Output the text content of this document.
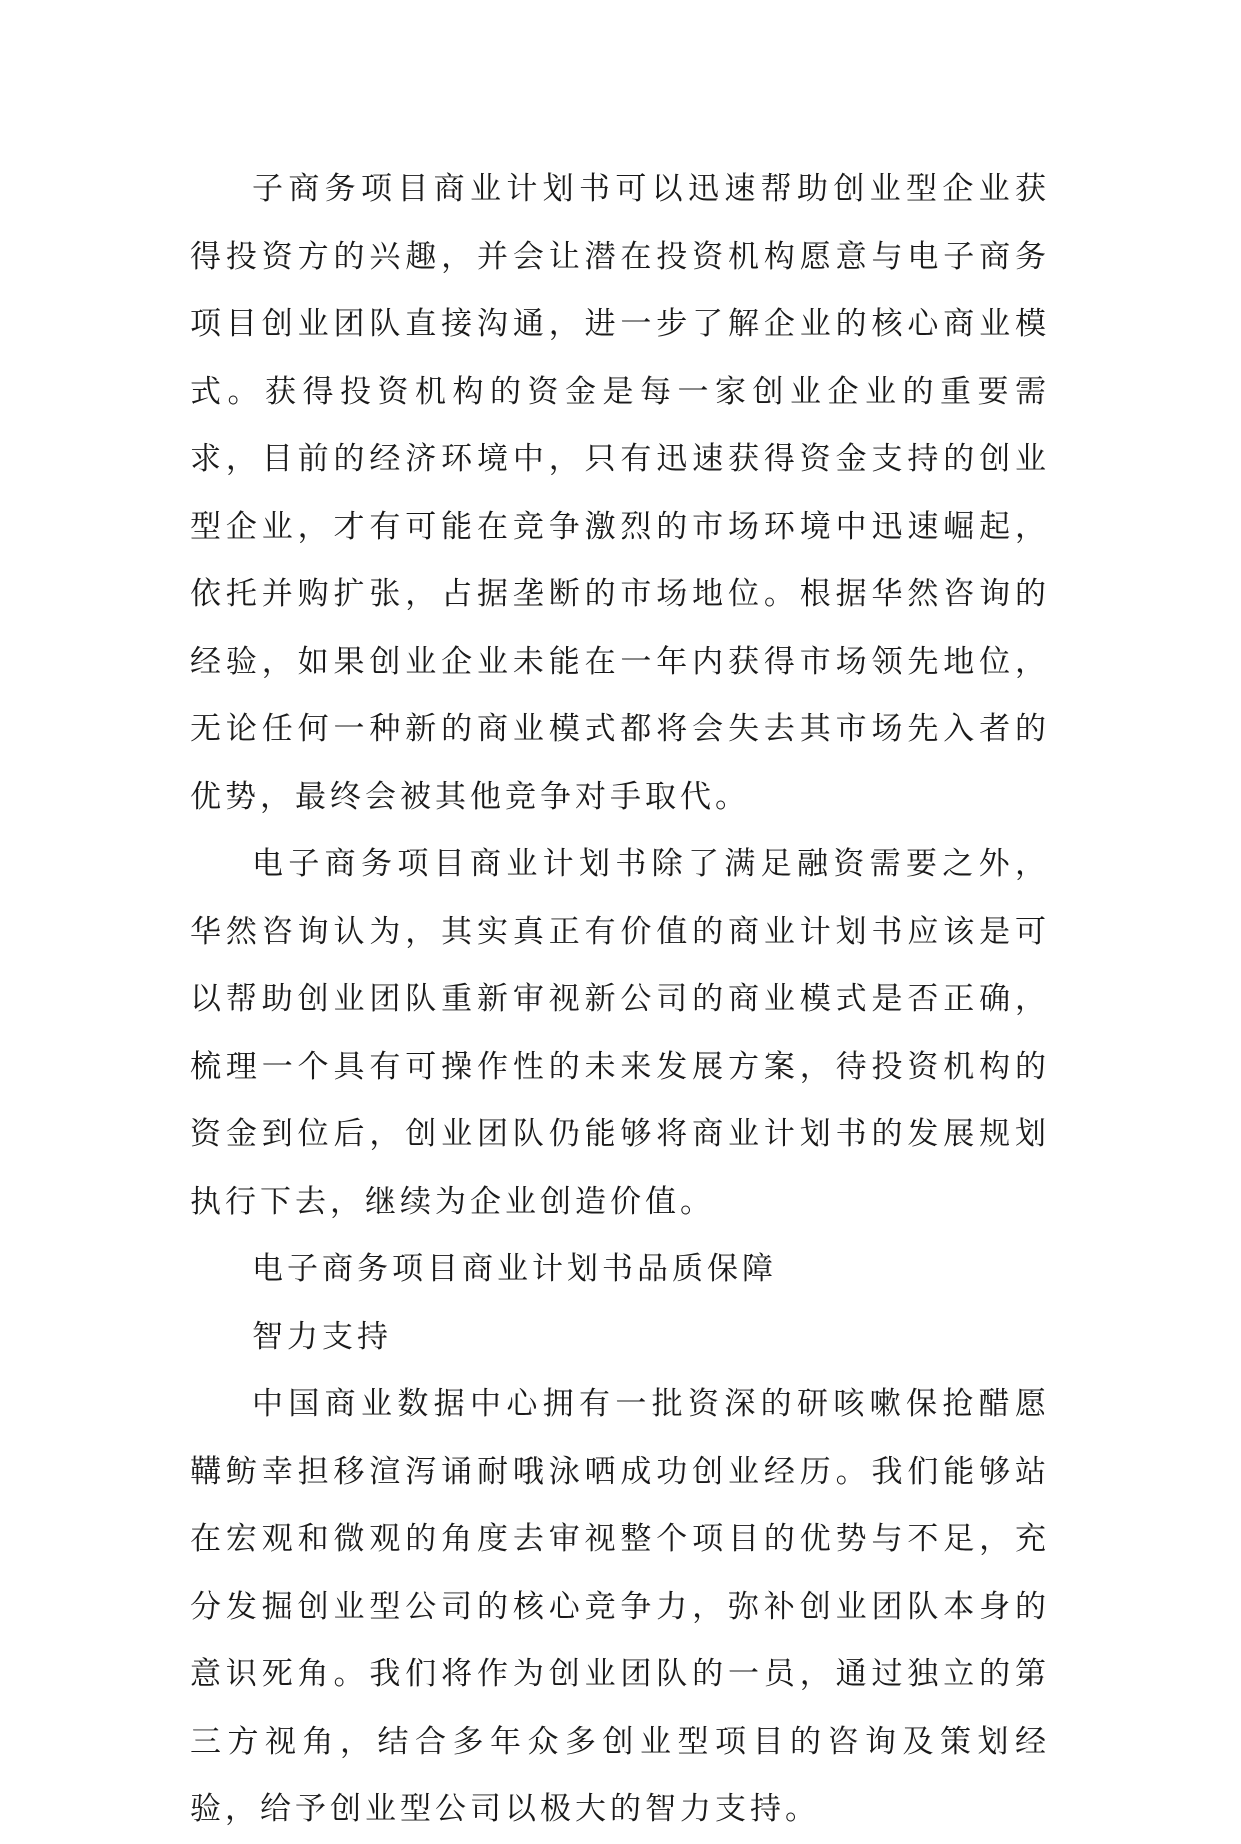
子商务项目商业计划书可以迅速帮助创业型企业获得投资方的兴趣，并会让潜在投资机构愿意与电子商务项目创业团队直接沟通，进一步了解企业的核心商业模式。获得投资机构的资金是每一家创业企业的重要需求，目前的经济环境中，只有迅速获得资金支持的创业型企业，才有可能在竞争激烈的市场环境中迅速崛起，依托并购扩张，占据垄断的市场地位。根据华然咨询的经验，如果创业企业未能在一年内获得市场领先地位，无论任何一种新的商业模式都将会失去其市场先入者的优势，最终会被其他竞争对手取代。

电子商务项目商业计划书除了满足融资需要之外，华然咨询认为，其实真正有价值的商业计划书应该是可以帮助创业团队重新审视新公司的商业模式是否正确，梳理一个具有可操作性的未来发展方案，待投资机构的资金到位后，创业团队仍能够将商业计划书的发展规划执行下去，继续为企业创造价值。

电子商务项目商业计划书品质保障

智力支持

中国商业数据中心拥有一批资深的研咳嗽保抢醋愿鞲鲂幸担移渲泻诵耐哦泳哂成功创业经历。我们能够站在宏观和微观的角度去审视整个项目的优势与不足，充分发掘创业型公司的核心竞争力，弥补创业团队本身的意识死角。我们将作为创业团队的一员，通过独立的第三方视角，结合多年众多创业型项目的咨询及策划经验，给予创业型公司以极大的智力支持。
